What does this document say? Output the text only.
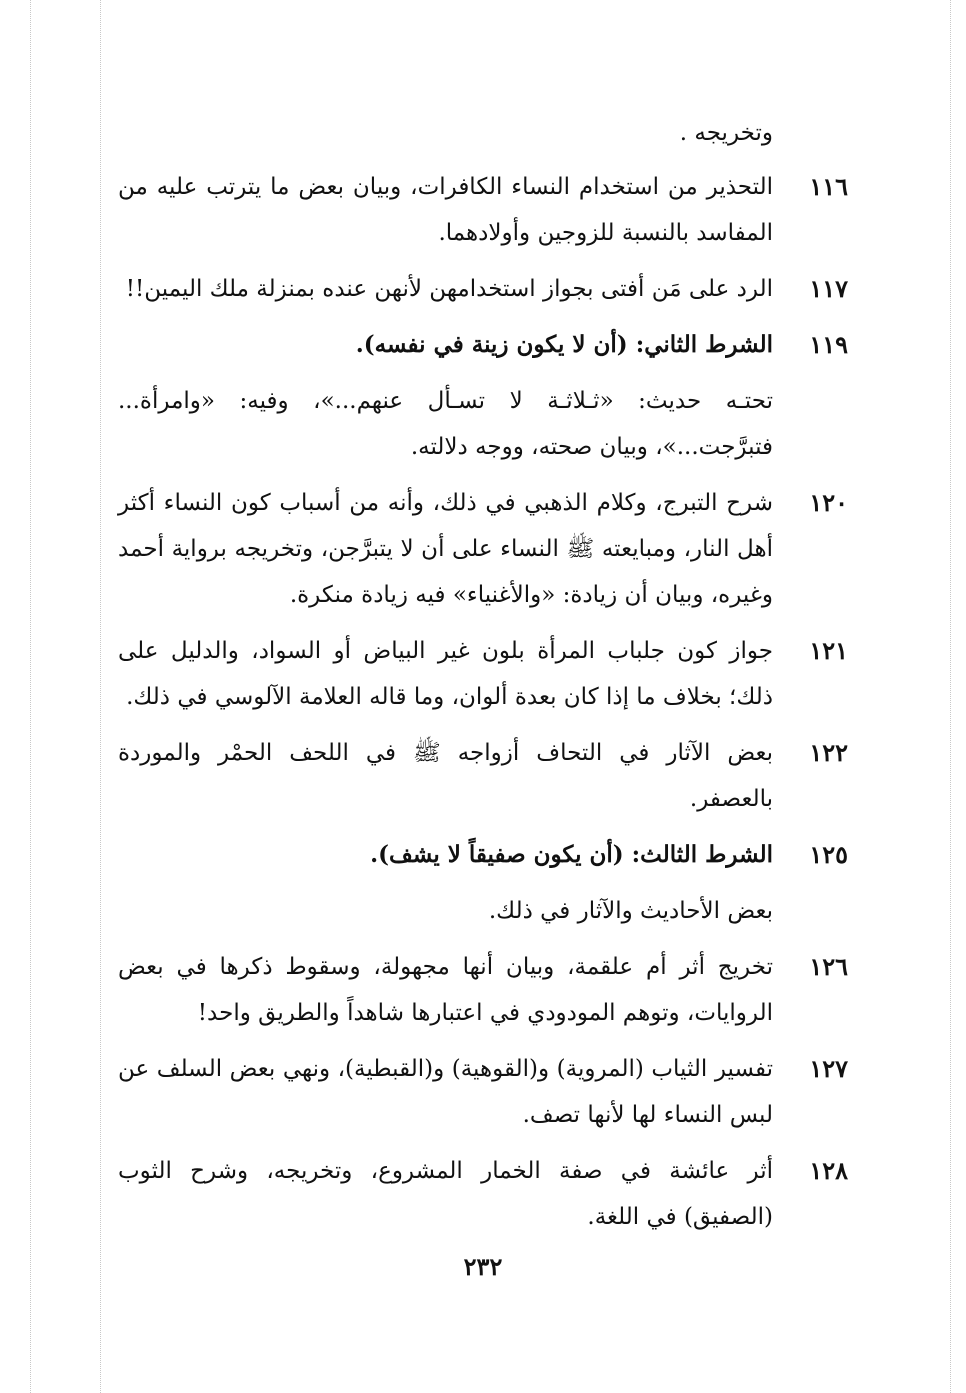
وتخريجه .
١١٦
التحذير من استخدام النساء الكافرات، وبيان بعض ما يترتب عليه من المفاسد بالنسبة للزوجين وأولادهما.
١١٧
الرد على مَن أفتى بجواز استخدامهن لأنهن عنده بمنزلة ملك اليمين!!
١١٩
الشرط الثاني: (أن لا يكون زينة في نفسه).
تحتـه حديث: «ثـلاثـة لا تسـأل عنهم...»، وفيه: «وامرأة... فتبرَّجت...»، وبيان صحته، ووجه دلالته.
١٢٠
شرح التبرج، وكلام الذهبي في ذلك، وأنه من أسباب كون النساء أكثر أهل النار، ومبايعته ﷺ النساء على أن لا يتبرَّجن، وتخريجه برواية أحمد وغيره، وبيان أن زيادة: «والأغنياء» فيه زيادة منكرة.
١٢١
جواز كون جلباب المرأة بلون غير البياض أو السواد، والدليل على ذلك؛ بخلاف ما إذا كان بعدة ألوان، وما قاله العلامة الآلوسي في ذلك.
١٢٢
بعض الآثار في التحاف أزواجه ﷺ في اللحف الحمْر والموردة بالعصفر.
١٢٥
الشرط الثالث: (أن يكون صفيقاً لا يشف).
بعض الأحاديث والآثار في ذلك.
١٢٦
تخريج أثر أم علقمة، وبيان أنها مجهولة، وسقوط ذكرها في بعض الروايات، وتوهم المودودي في اعتبارها شاهداً والطريق واحد!
١٢٧
تفسير الثياب (المروية) و(القوهية) و(القبطية)، ونهي بعض السلف عن لبس النساء لها لأنها تصف.
١٢٨
أثر عائشة في صفة الخمار المشروع، وتخريجه، وشرح الثوب (الصفيق) في اللغة.
٢٣٢
